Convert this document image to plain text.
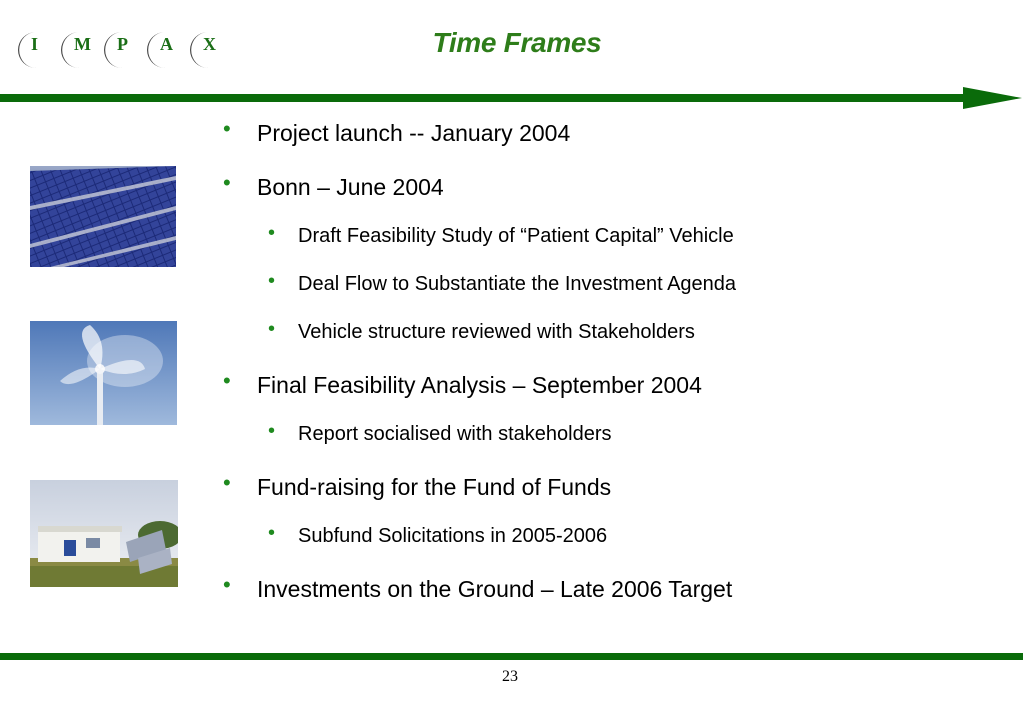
I M P A X	Time Frames
• Project launch -- January 2004
• Bonn – June 2004
• Draft Feasibility Study of “Patient Capital” Vehicle
• Deal Flow to Substantiate the Investment Agenda
• Vehicle structure reviewed with Stakeholders
• Final Feasibility Analysis – September 2004
• Report socialised with stakeholders
• Fund-raising for the Fund of Funds
• Subfund Solicitations in 2005-2006
• Investments on the Ground – Late 2006 Target
23
